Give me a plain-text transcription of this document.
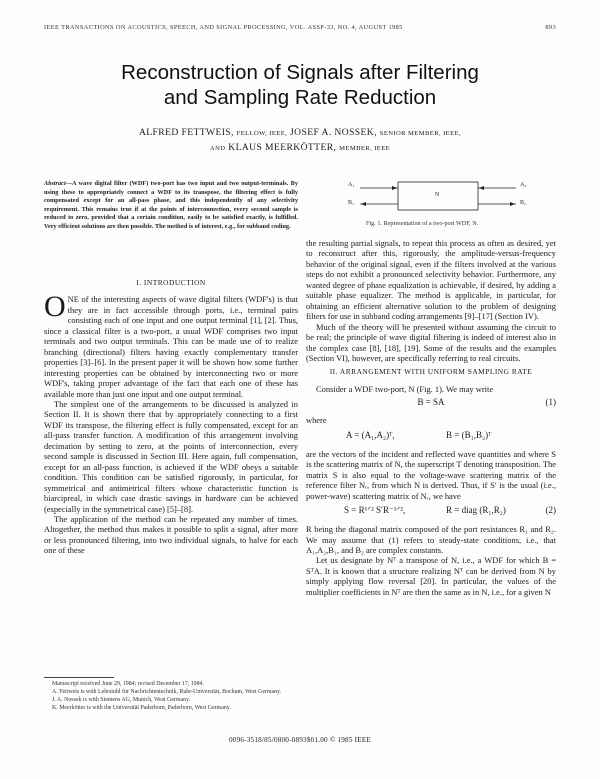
IEEE TRANSACTIONS ON ACOUSTICS, SPEECH, AND SIGNAL PROCESSING, VOL. ASSP-33, NO. 4, AUGUST 1985	893
Reconstruction of Signals after Filtering
and Sampling Rate Reduction
ALFRED FETTWEIS, FELLOW, IEEE, JOSEF A. NOSSEK, SENIOR MEMBER, IEEE,
AND KLAUS MEERKÖTTER, MEMBER, IEEE
Abstract—A wave digital filter (WDF) two-port has two input and two output-terminals. By using these to appropriately connect a WDF to its transpose, the filtering effect is fully compensated except for an all-pass phase, and this independently of any selectivity requirement. This remains true if at the points of interconnection, every second sample is reduced to zero, provided that a certain condition, easily to be satisfied exactly, is fulfilled. Very efficient solutions are then possible. The method is of interest, e.g., for subband coding.
A₁
B₁
N
A₂
B₂
Fig. 1. Representation of a two-port WDF, N.
I. INTRODUCTION

ONE of the interesting aspects of wave digital filters (WDF's) is that they are in fact accessible through ports, i.e., terminal pairs consisting each of one input and one output terminal [1], [2]. Thus, since a classical filter is a two-port, a usual WDF comprises two input terminals and two output terminals. This can be made use of to realize branching (directional) filters having exactly complementary transfer properties [3]–[6]. In the present paper it will be shown how some further interesting properties can be obtained by interconnecting two or more WDF's, taking proper advantage of the fact that each one of these has available more than just one input and one output terminal.

The simplest one of the arrangements to be discussed is analyzed in Section II. It is shown there that by appropriately connecting to a first WDF its transpose, the filtering effect is fully compensated, except for an all-pass transfer function. A modification of this arrangement involving decimation by setting to zero, at the points of interconnection, every second sample is discussed in Section III. Here again, full compensation, except for an all-pass function, is achieved if the WDF obeys a suitable condition. This condition can be satisfied rigorously, in particular, for symmetrical and antimetrical filters whose characteristic function is biarcipreal, in which case drastic savings in hardware can be achieved (especially in the symmetrical case) [5]–[8].

The application of the method can be repeated any number of times. Altogether, the method thus makes it possible to split a signal, after more or less pronounced filtering, into two individual signals, to halve for each one of these

Manuscript received June 29, 1984; revised December 17, 1984.
A. Fettweis is with Lehrstuhl für Nachrichtentechnik, Ruhr-Universität, Bochum, West Germany.
J. A. Nossek is with Siemens AG, Munich, West Germany.
K. Meerkötter is with the Universität Paderborn, Paderborn, West Germany.

the resulting partial signals, to repeat this process as often as desired, yet to reconstruct after this, rigorously, the amplitude-versus-frequency behavior of the original signal, even if the filters involved at the various steps do not exhibit a pronounced selectivity behavior. Furthermore, any wanted degree of phase equalization is achievable, if desired, by adding a suitable phase equalizer. The method is applicable, in particular, for obtaining an efficient alternative solution to the problem of designing filters for use in subband coding arrangements [9]–[17] (Section IV).

Much of the theory will be presented without assuming the circuit to be real; the principle of wave digital filtering is indeed of interest also in the complex case [8], [18], [19]. Some of the results and the examples (Section VI), however, are specifically referring to real circuits.

II. ARRANGEMENT WITH UNIFORM SAMPLING RATE

Consider a WDF two-port, N (Fig. 1). We may write

B = SA	(1)

where

A = (A₁,A₂)ᵀ,	B = (B₁,B₂)ᵀ

are the vectors of the incident and reflected wave quantities and where S is the scattering matrix of N, the superscript T denoting transposition. The matrix S is also equal to the voltage-wave scattering matrix of the reference filter Nᵣ, from which N is derived. Thus, if S′ is the usual (i.e., power-wave) scattering matrix of Nᵣ, we have

S = R¹ᐟ² S′R⁻¹ᐟ²,	R = diag (R₁,R₂)	(2)

R being the diagonal matrix composed of the port resistances R₁ and R₂. We may assume that (1) refers to steady-state conditions, i.e., that A₁,A₂,B₁, and B₂ are complex constants.

Let us designate by Nᵀ a transpose of N, i.e., a WDF for which B = SᵀA. It is known that a structure realizing Nᵀ can be derived from N by simply applying flow reversal [20]. In particular, the values of the multiplier coefficients in Nᵀ are then the same as in N, i.e., for a given N

0096-3518/85/0800-0893$01.00 © 1985 IEEE
